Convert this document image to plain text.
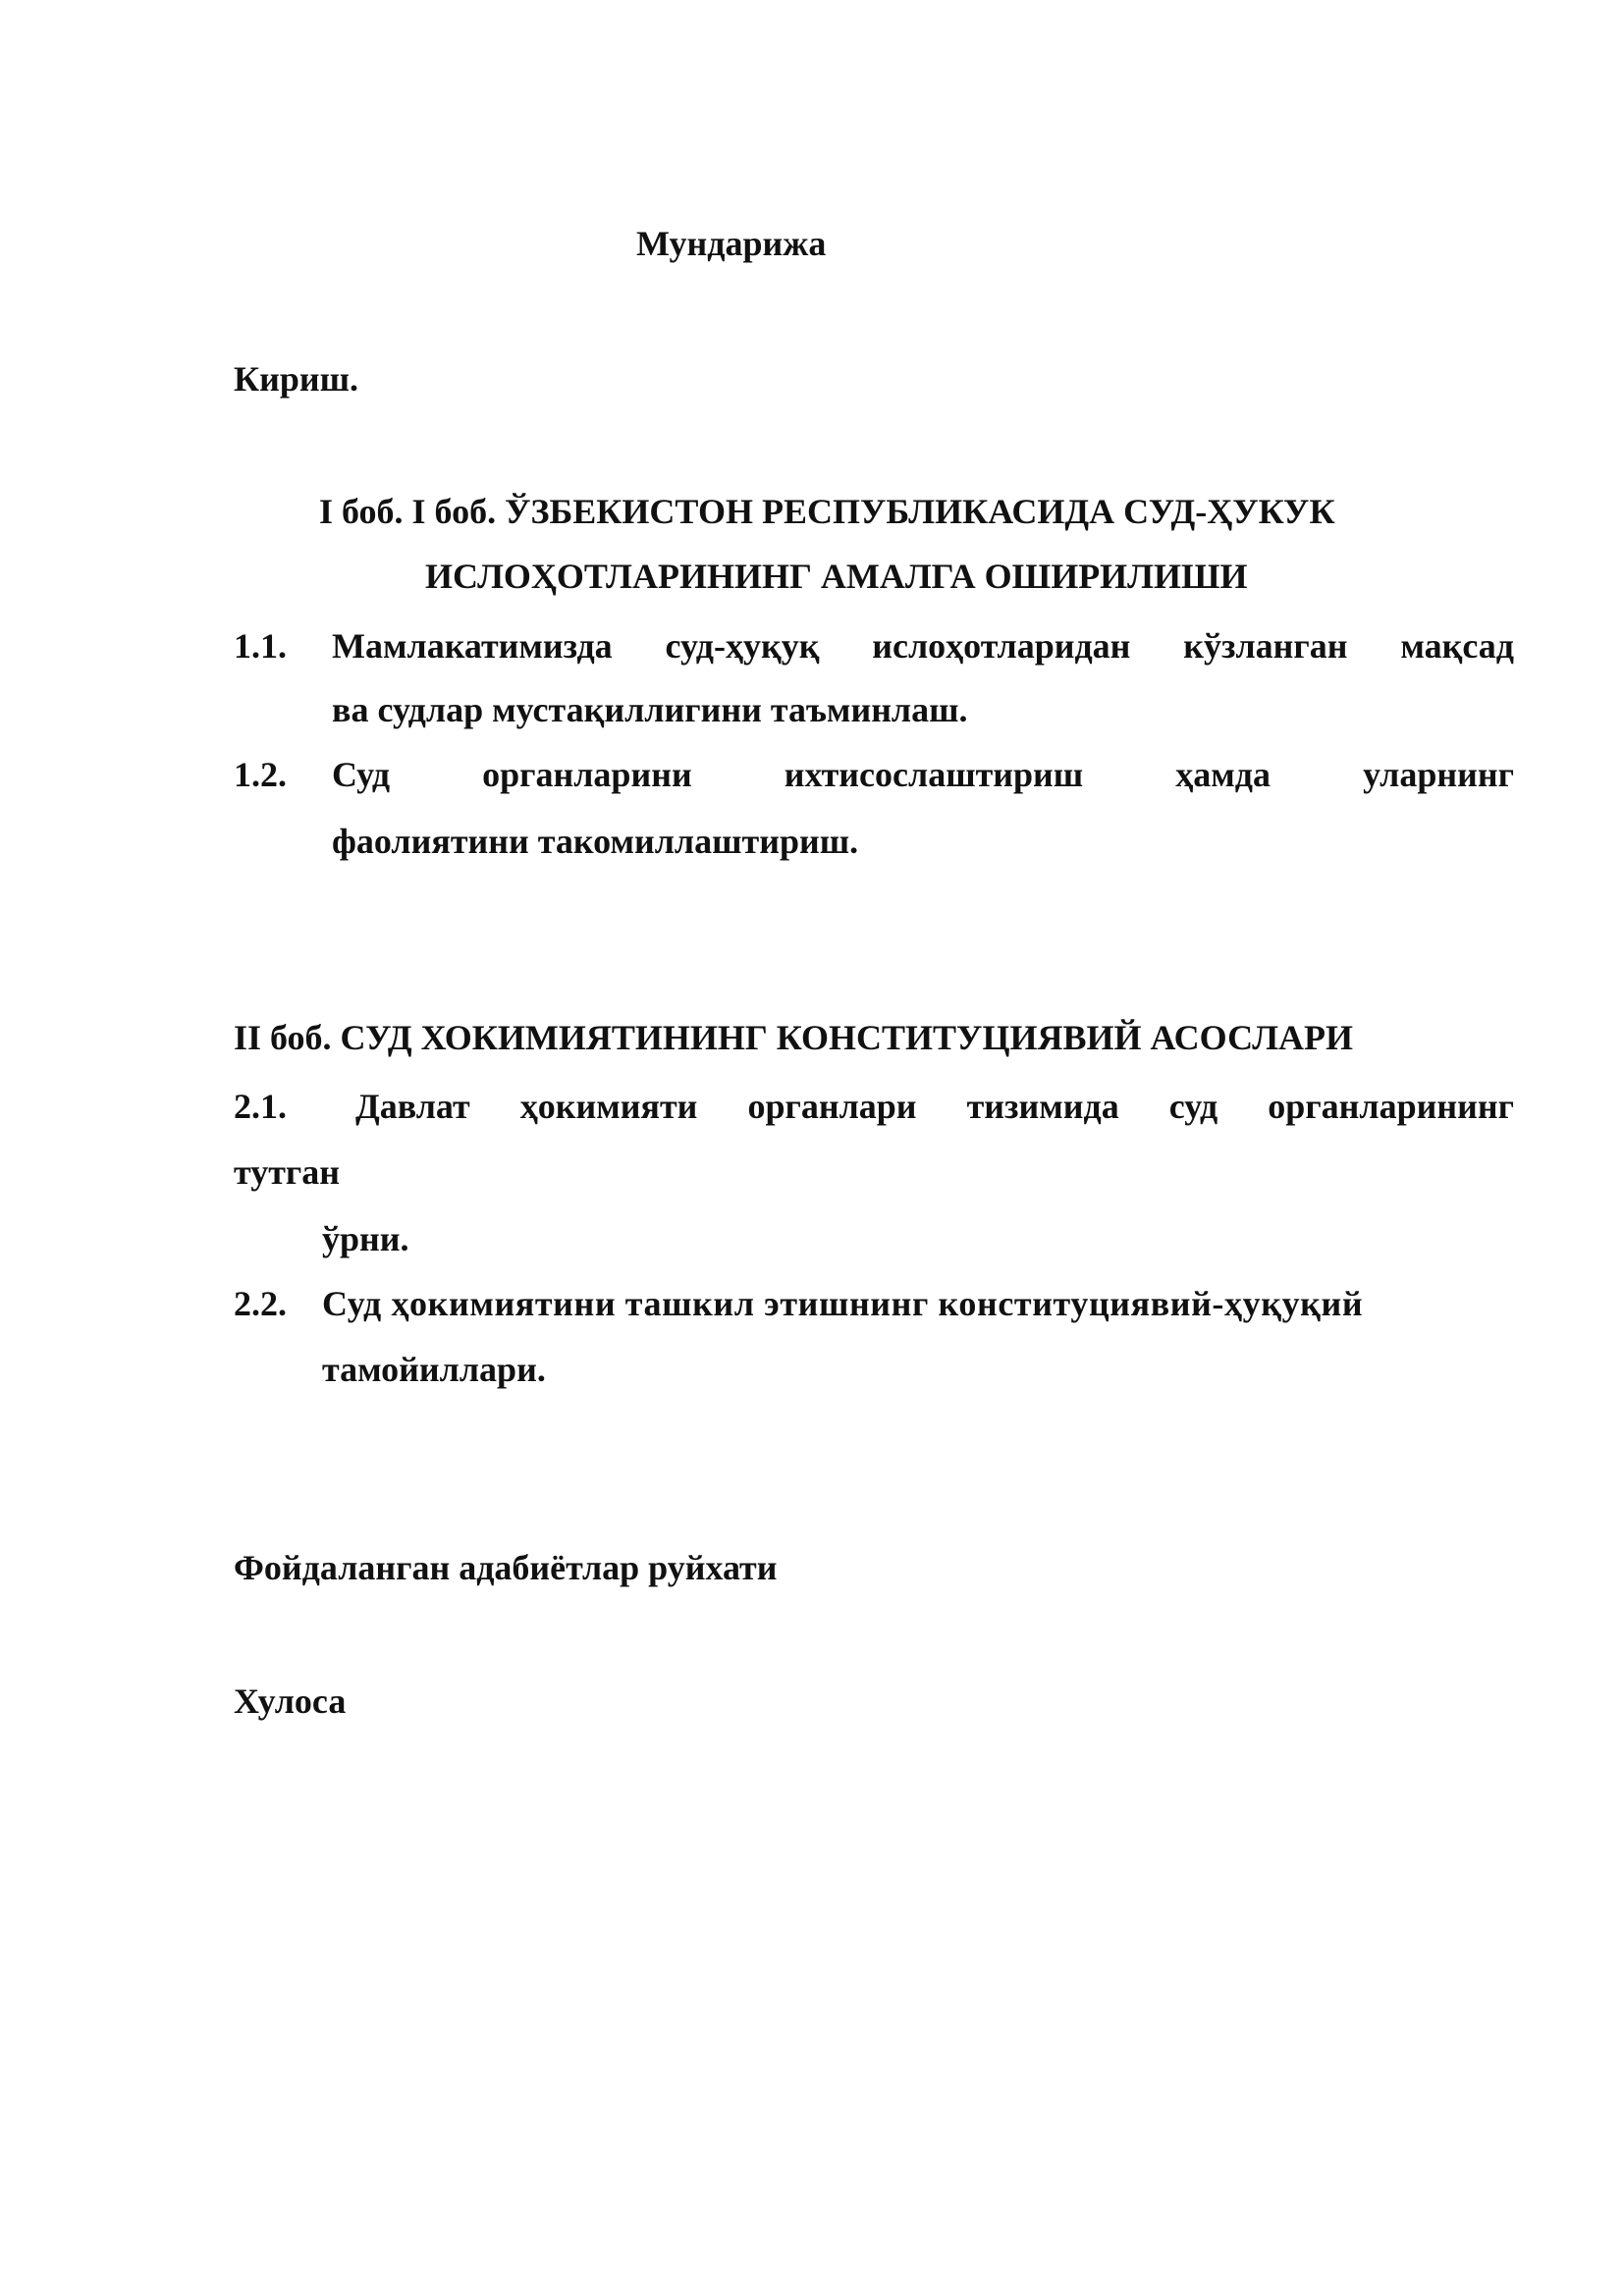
Мундарижа
Кириш.
I боб. I боб. ЎЗБЕКИСТОН РЕСПУБЛИКАСИДА СУД-ҲУКУК
ИСЛОҲОТЛАРИНИНГ АМАЛГА ОШИРИЛИШИ
1.1. Мамлакатимизда суд-ҳуқуқ ислоҳотларидан кўзланган мақсад
ва судлар мустақиллигини таъминлаш.
1.2. Суд	органларини	ихтисослаштириш	ҳамда	уларнинг
фаолиятини такомиллаштириш.
II боб. СУД ХОКИМИЯТИНИНГ КОНСТИТУЦИЯВИЙ АСОСЛАРИ
2.1. Давлат ҳокимияти органлари тизимида суд органларининг
тутган
ўрни.
2.2. Суд ҳокимиятини ташкил этишнинг конституциявий-ҳуқуқий
тамойиллари.
Фойдаланган адабиётлар руйхати
Хулоса
